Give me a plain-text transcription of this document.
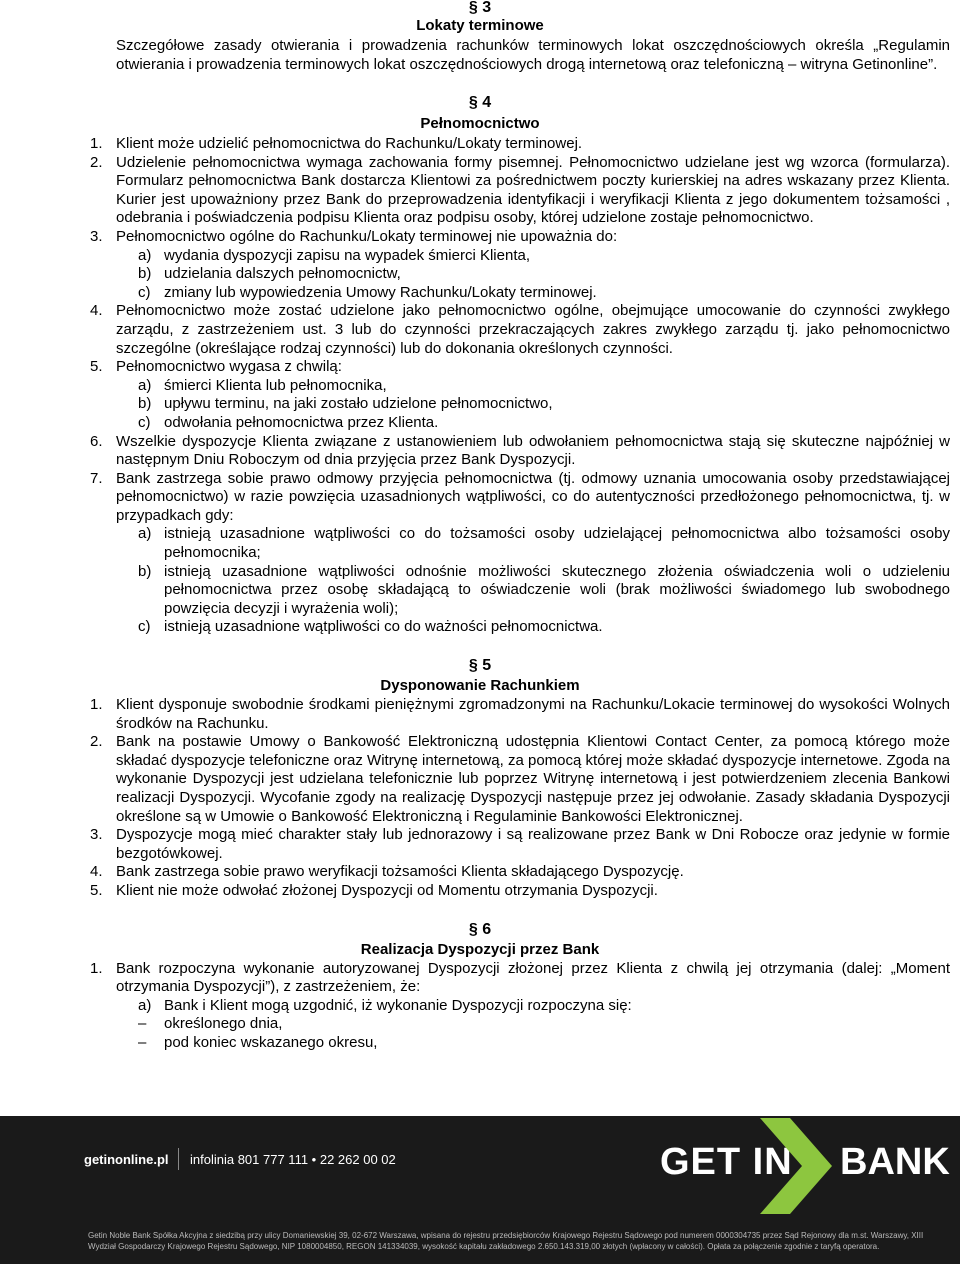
§ 3
Lokaty terminowe

Szczegółowe zasady otwierania i prowadzenia rachunków terminowych lokat oszczędnościowych określa „Regulamin otwierania i prowadzenia terminowych lokat oszczędnościowych drogą internetową oraz telefoniczną – witryna Getinonline”.

§ 4
Pełnomocnictwo
1. Klient może udzielić pełnomocnictwa do Rachunku/Lokaty terminowej.
2. Udzielenie pełnomocnictwa wymaga zachowania formy pisemnej. Pełnomocnictwo udzielane jest wg wzorca (formularza). Formularz pełnomocnictwa Bank dostarcza Klientowi za pośrednictwem poczty kurierskiej na adres wskazany przez Klienta. Kurier jest upoważniony przez Bank do przeprowadzenia identyfikacji i weryfikacji Klienta z jego dokumentem tożsamości , odebrania i poświadczenia podpisu Klienta oraz podpisu osoby, której udzielone zostaje pełnomocnictwo.
3. Pełnomocnictwo ogólne do Rachunku/Lokaty terminowej nie upoważnia do:
a) wydania dyspozycji zapisu na wypadek śmierci Klienta,
b) udzielania dalszych pełnomocnictw,
c) zmiany lub wypowiedzenia Umowy Rachunku/Lokaty terminowej.
4. Pełnomocnictwo może zostać udzielone jako pełnomocnictwo ogólne, obejmujące umocowanie do czynności zwykłego zarządu, z zastrzeżeniem ust. 3 lub do czynności przekraczających zakres zwykłego zarządu tj. jako pełnomocnictwo szczególne (określające rodzaj czynności) lub do dokonania określonych czynności.
5. Pełnomocnictwo wygasa z chwilą:
a) śmierci Klienta lub pełnomocnika,
b) upływu terminu, na jaki zostało udzielone pełnomocnictwo,
c) odwołania pełnomocnictwa przez Klienta.
6. Wszelkie dyspozycje Klienta związane z ustanowieniem lub odwołaniem pełnomocnictwa stają się skuteczne najpóźniej w następnym Dniu Roboczym od dnia przyjęcia przez Bank Dyspozycji.
7. Bank zastrzega sobie prawo odmowy przyjęcia pełnomocnictwa (tj. odmowy uznania umocowania osoby przedstawiającej pełnomocnictwo) w razie powzięcia uzasadnionych wątpliwości, co do autentyczności przedłożonego pełnomocnictwa, tj. w przypadkach gdy:
a) istnieją uzasadnione wątpliwości co do tożsamości osoby udzielającej pełnomocnictwa albo tożsamości osoby pełnomocnika;
b) istnieją uzasadnione wątpliwości odnośnie możliwości skutecznego złożenia oświadczenia woli o udzieleniu pełnomocnictwa przez osobę składającą to oświadczenie woli (brak możliwości świadomego lub swobodnego powzięcia decyzji i wyrażenia woli);
c) istnieją uzasadnione wątpliwości co do ważności pełnomocnictwa.
§ 5
Dysponowanie Rachunkiem
1. Klient dysponuje swobodnie środkami pieniężnymi zgromadzonymi na Rachunku/Lokacie terminowej do wysokości Wolnych środków na Rachunku.
2. Bank na postawie Umowy o Bankowość Elektroniczną udostępnia Klientowi Contact Center, za pomocą którego może składać dyspozycje telefoniczne oraz Witrynę internetową, za pomocą której może składać dyspozycje internetowe. Zgoda na wykonanie Dyspozycji jest udzielana telefonicznie lub poprzez Witrynę internetową i jest potwierdzeniem zlecenia Bankowi realizacji Dyspozycji. Wycofanie zgody na realizację Dyspozycji następuje przez jej odwołanie. Zasady składania Dyspozycji określone są w Umowie o Bankowość Elektroniczną i Regulaminie Bankowości Elektronicznej.
3. Dyspozycje mogą mieć charakter stały lub jednorazowy i są realizowane przez Bank w Dni Robocze oraz jedynie w formie bezgotówkowej.
4. Bank zastrzega sobie prawo weryfikacji tożsamości Klienta składającego Dyspozycję.
5. Klient nie może odwołać złożonej Dyspozycji od Momentu otrzymania Dyspozycji.
§ 6
Realizacja Dyspozycji przez Bank
1. Bank rozpoczyna wykonanie autoryzowanej Dyspozycji złożonej przez Klienta z chwilą jej otrzymania (dalej: „Moment otrzymania Dyspozycji”), z zastrzeżeniem, że:
a) Bank i Klient mogą uzgodnić, iż wykonanie Dyspozycji rozpoczyna się:
– określonego dnia,
– pod koniec wskazanego okresu,
getinonline.pl infolinia 801 777 111 • 22 262 00 02	GET IN BANK
Getin Noble Bank Spółka Akcyjna z siedzibą przy ulicy Domaniewskiej 39, 02-672 Warszawa, wpisana do rejestru przedsiębiorców Krajowego Rejestru Sądowego pod numerem 0000304735 przez Sąd Rejonowy dla m.st. Warszawy, XIII Wydział Gospodarczy Krajowego Rejestru Sądowego, NIP 1080004850, REGON 141334039, wysokość kapitału zakładowego 2.650.143.319,00 złotych (wpłacony w całości). Opłata za połączenie zgodnie z taryfą operatora.
